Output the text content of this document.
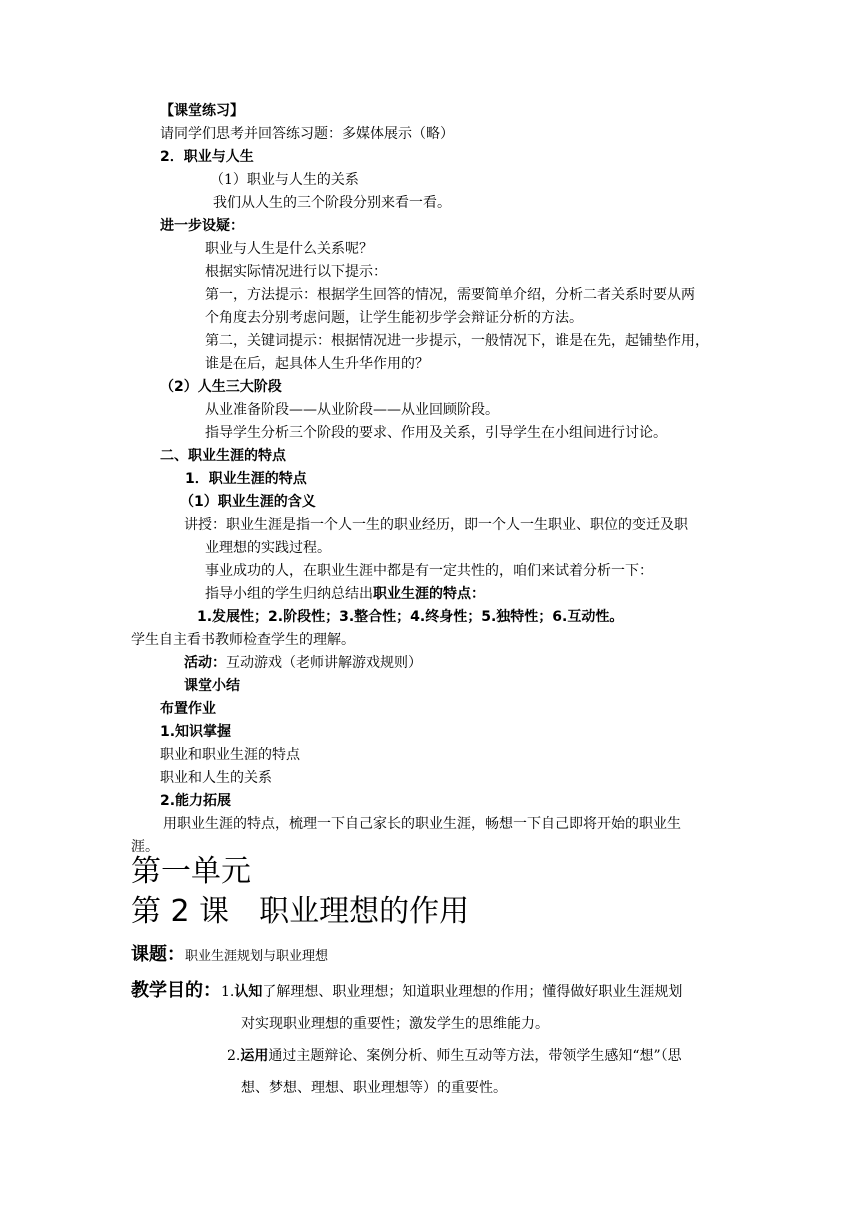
【课堂练习】
请同学们思考并回答练习题：多媒体展示（略）
2．职业与人生
（1）职业与人生的关系
我们从人生的三个阶段分别来看一看。
进一步设疑：
职业与人生是什么关系呢？
根据实际情况进行以下提示：
第一，方法提示：根据学生回答的情况，需要简单介绍，分析二者关系时要从两
个角度去分别考虑问题，让学生能初步学会辩证分析的方法。
第二，关键词提示：根据情况进一步提示，一般情况下，谁是在先，起铺垫作用，
谁是在后，起具体人生升华作用的？
（2）人生三大阶段
从业准备阶段——从业阶段——从业回顾阶段。
指导学生分析三个阶段的要求、作用及关系，引导学生在小组间进行讨论。
二、职业生涯的特点
1．职业生涯的特点
（1）职业生涯的含义
讲授：职业生涯是指一个人一生的职业经历，即一个人一生职业、职位的变迁及职
业理想的实践过程。
事业成功的人，在职业生涯中都是有一定共性的，咱们来试着分析一下：
指导小组的学生归纳总结出职业生涯的特点：
1.发展性；2.阶段性；3.整合性；4.终身性；5.独特性；6.互动性。
学生自主看书教师检查学生的理解。
活动：互动游戏（老师讲解游戏规则）
课堂小结
布置作业
1.知识掌握
职业和职业生涯的特点
职业和人生的关系
2.能力拓展
用职业生涯的特点，梳理一下自己家长的职业生涯，畅想一下自己即将开始的职业生
涯。
第一单元
第 2 课　职业理想的作用
课题：职业生涯规划与职业理想
教学目的：1.认知了解理想、职业理想；知道职业理想的作用；懂得做好职业生涯规划
对实现职业理想的重要性；激发学生的思维能力。
2.运用通过主题辩论、案例分析、师生互动等方法，带领学生感知“想”（思
想、梦想、理想、职业理想等）的重要性。
